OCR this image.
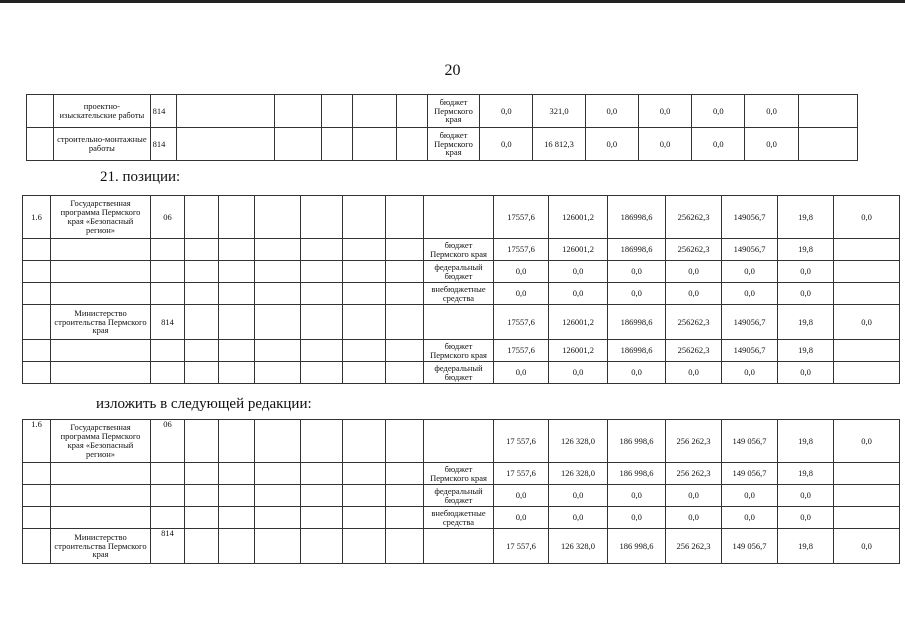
20
	проектно-изыскательские работы	814						бюджет Пермского края	0,0	321,0	0,0	0,0	0,0	0,0	
	строительно-монтажные работы	814						бюджет Пермского края	0,0	16 812,3	0,0	0,0	0,0	0,0	
21. позиции:
1.6	Государственная программа Пермского края «Безопасный регион»	06								17557,6	126001,2	186998,6	256262,3	149056,7	19,8	0,0
									бюджет Пермского края	17557,6	126001,2	186998,6	256262,3	149056,7	19,8	
									федеральный бюджет	0,0	0,0	0,0	0,0	0,0	0,0	
									внебюджетные средства	0,0	0,0	0,0	0,0	0,0	0,0	
	Министерство строительства Пермского края	814								17557,6	126001,2	186998,6	256262,3	149056,7	19,8	0,0
									бюджет Пермского края	17557,6	126001,2	186998,6	256262,3	149056,7	19,8	
									федеральный бюджет	0,0	0,0	0,0	0,0	0,0	0,0	
изложить в следующей редакции:
1.6	Государственная программа Пермского края «Безопасный регион»	06								17 557,6	126 328,0	186 998,6	256 262,3	149 056,7	19,8	0,0
									бюджет Пермского края	17 557,6	126 328,0	186 998,6	256 262,3	149 056,7	19,8	
									федеральный бюджет	0,0	0,0	0,0	0,0	0,0	0,0	
									внебюджетные средства	0,0	0,0	0,0	0,0	0,0	0,0	
	Министерство строительства Пермского края	814								17 557,6	126 328,0	186 998,6	256 262,3	149 056,7	19,8	0,0
